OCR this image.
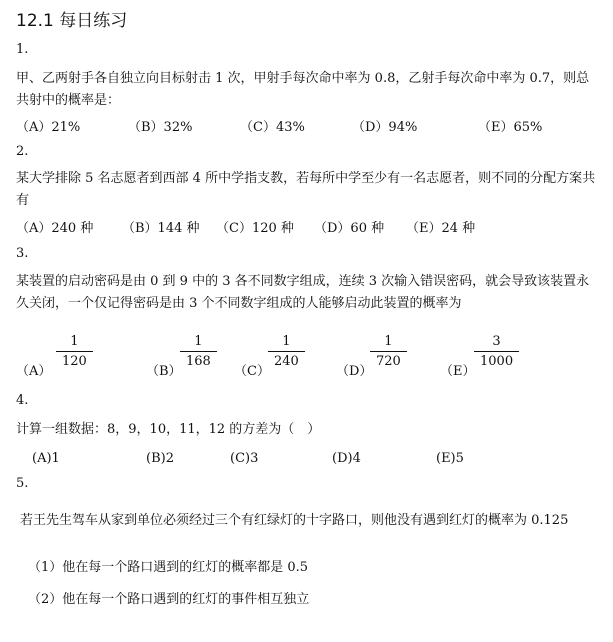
12.1 每日练习
1.
甲、乙两射手各自独立向目标射击 1 次，甲射手每次命中率为 0.8，乙射手每次命中率为 0.7，则总共射中的概率是：
（A）21%	（B）32%	（C）43%	（D）94%	（E）65%
2.
某大学排除 5 名志愿者到西部 4 所中学指支教，若每所中学至少有一名志愿者，则不同的分配方案共有
（A）240 种 （B）144 种 （C）120 种 （D）60 种 （E）24 种
3.
某装置的启动密码是由 0 到 9 中的 3 各不同数字组成，连续 3 次输入错误密码，就会导致该装置永久关闭，一个仅记得密码是由 3 个不同数字组成的人能够启动此装置的概率为
（A）
1
120
（B）
1
168
（C）
1
240
（D）
1
720
（E）
3
1000
4.
计算一组数据：8，9，10，11，12 的方差为（　）
(A)1	(B)2	(C)3	(D)4	(E)5
5.
若王先生驾车从家到单位必须经过三个有红绿灯的十字路口，则他没有遇到红灯的概率为 0.125
（1）他在每一个路口遇到的红灯的概率都是 0.5
（2）他在每一个路口遇到的红灯的事件相互独立
